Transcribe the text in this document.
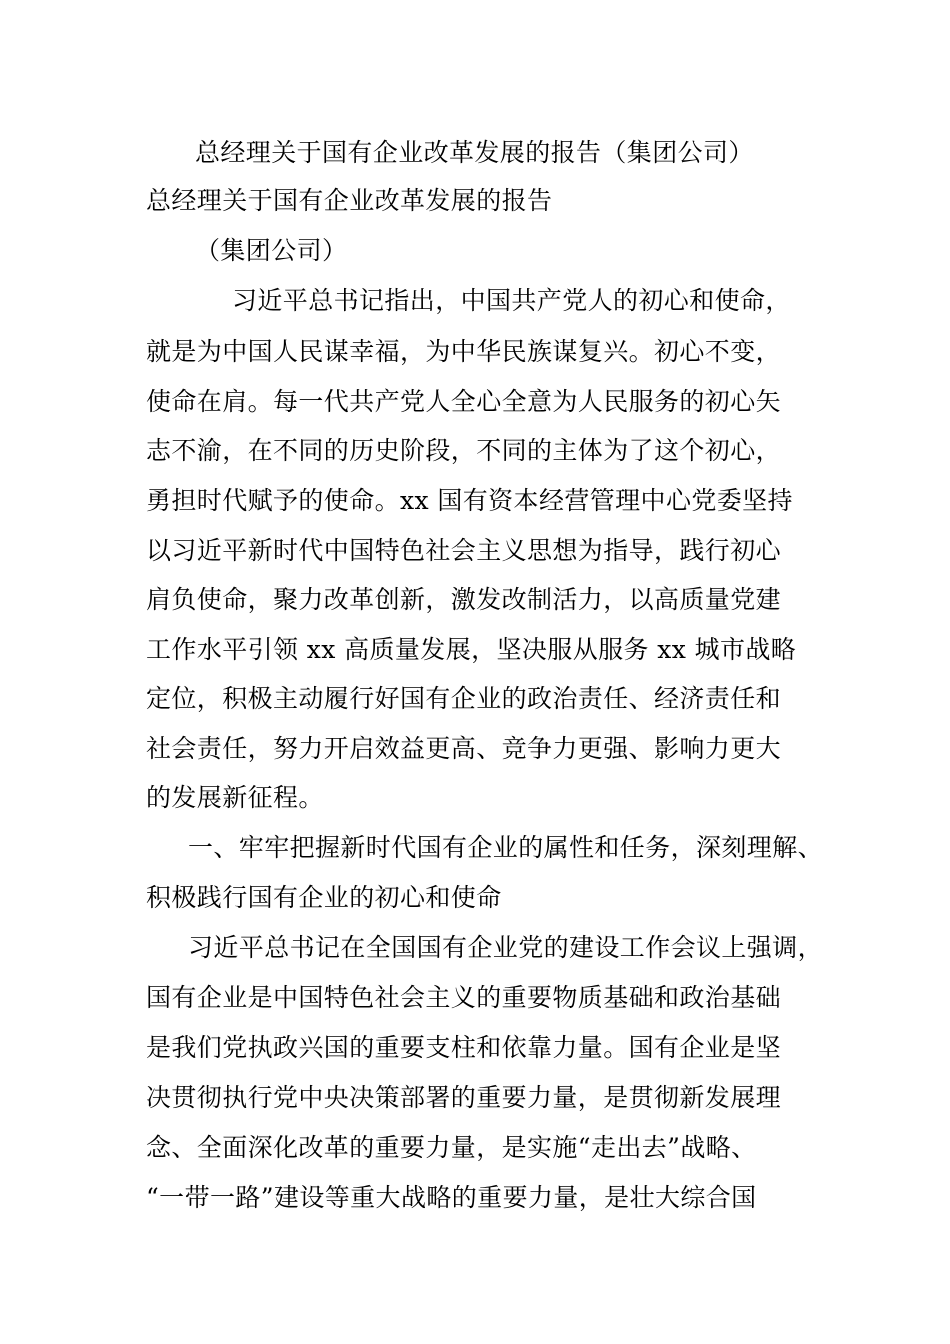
总经理关于国有企业改革发展的报告（集团公司）
总经理关于国有企业改革发展的报告
（集团公司）
习近平总书记指出，中国共产党人的初心和使命，
就是为中国人民谋幸福，为中华民族谋复兴。初心不变，
使命在肩。每一代共产党人全心全意为人民服务的初心矢
志不渝，在不同的历史阶段，不同的主体为了这个初心，
勇担时代赋予的使命。xx 国有资本经营管理中心党委坚持
以习近平新时代中国特色社会主义思想为指导，践行初心
肩负使命，聚力改革创新，激发改制活力，以高质量党建
工作水平引领 xx 高质量发展，坚决服从服务 xx 城市战略
定位，积极主动履行好国有企业的政治责任、经济责任和
社会责任，努力开启效益更高、竞争力更强、影响力更大
的发展新征程。
一、牢牢把握新时代国有企业的属性和任务，深刻理解、
积极践行国有企业的初心和使命
习近平总书记在全国国有企业党的建设工作会议上强调，
国有企业是中国特色社会主义的重要物质基础和政治基础
是我们党执政兴国的重要支柱和依靠力量。国有企业是坚
决贯彻执行党中央决策部署的重要力量，是贯彻新发展理
念、全面深化改革的重要力量，是实施“走出去”战略、
“一带一路”建设等重大战略的重要力量，是壮大综合国
